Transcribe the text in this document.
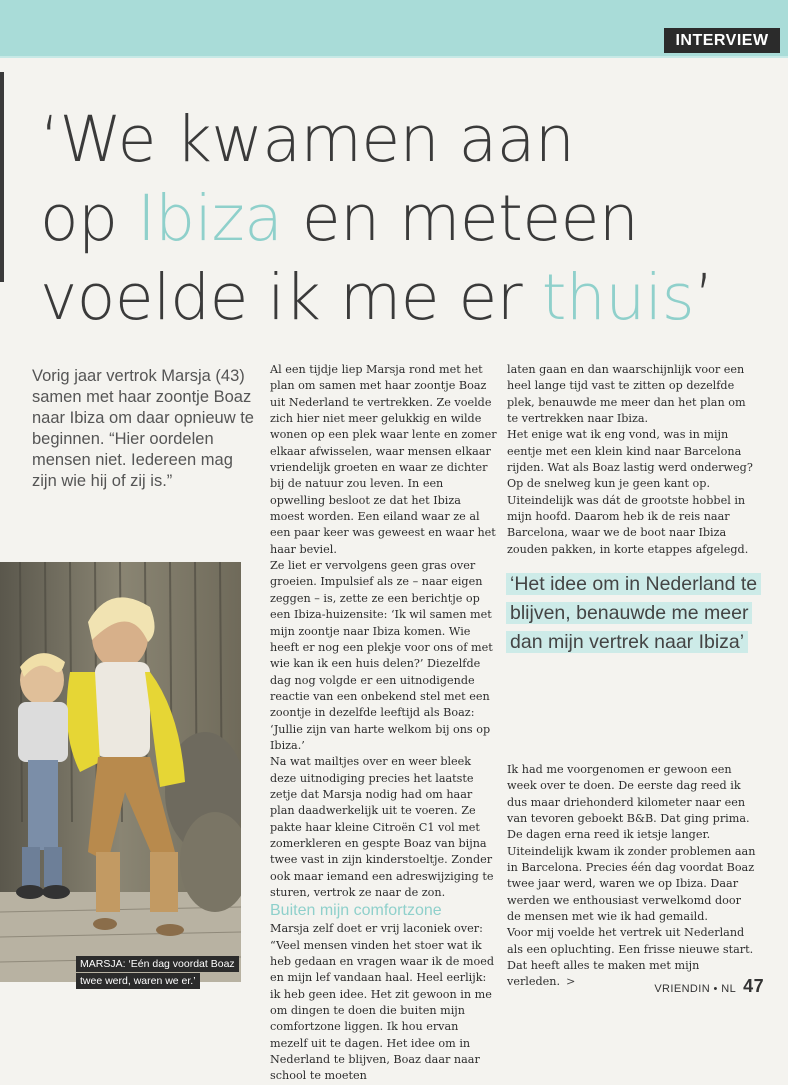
INTERVIEW
‘We kwamen aan
op Ibiza en meteen
voelde ik me er thuis’
Vorig jaar vertrok Marsja (43) samen met haar zoontje Boaz naar Ibiza om daar opnieuw te beginnen. “Hier oordelen mensen niet. Iedereen mag zijn wie hij of zij is.”
MARSJA: ‘Eén dag voordat Boaz
twee werd, waren we er.’

Al een tijdje liep Marsja rond met het plan om samen met haar zoontje Boaz uit Nederland te vertrekken. Ze voelde zich hier niet meer gelukkig en wilde wonen op een plek waar lente en zomer elkaar afwisselen, waar mensen elkaar vriendelijk groeten en waar ze dichter bij de natuur zou leven. In een opwelling besloot ze dat het Ibiza moest worden. Een eiland waar ze al een paar keer was geweest en waar het haar beviel.

Ze liet er vervolgens geen gras over groeien. Impulsief als ze – naar eigen zeggen – is, zette ze een berichtje op een Ibiza-huizensite: ‘Ik wil samen met mijn zoontje naar Ibiza komen. Wie heeft er nog een plekje voor ons of met wie kan ik een huis delen?’ Diezelfde dag nog volgde er een uitnodigende reactie van een onbekend stel met een zoontje in dezelfde leeftijd als Boaz: ‘Jullie zijn van harte welkom bij ons op Ibiza.’

Na wat mailtjes over en weer bleek deze uitnodiging precies het laatste zetje dat Marsja nodig had om haar plan daadwerkelijk uit te voeren. Ze pakte haar kleine Citroën C1 vol met zomerkleren en gespte Boaz van bijna twee vast in zijn kinderstoeltje. Zonder ook maar iemand een adreswijziging te sturen, vertrok ze naar de zon.

Buiten mijn comfortzone

Marsja zelf doet er vrij laconiek over: “Veel mensen vinden het stoer wat ik heb gedaan en vragen waar ik de moed en mijn lef vandaan haal. Heel eerlijk: ik heb geen idee. Het zit gewoon in me om dingen te doen die buiten mijn comfortzone liggen. Ik hou ervan mezelf uit te dagen. Het idee om in Nederland te blijven, Boaz daar naar school te moeten

laten gaan en dan waarschijnlijk voor een heel lange tijd vast te zitten op dezelfde plek, benauwde me meer dan het plan om te vertrekken naar Ibiza.

Het enige wat ik eng vond, was in mijn eentje met een klein kind naar Barcelona rijden. Wat als Boaz lastig werd onderweg? Op de snelweg kun je geen kant op. Uiteindelijk was dát de grootste hobbel in mijn hoofd. Daarom heb ik de reis naar Barcelona, waar we de boot naar Ibiza zouden pakken, in korte etappes afgelegd.

‘Het idee om in Nederland te blijven, benauwde me meer dan mijn vertrek naar Ibiza’

Ik had me voorgenomen er gewoon een week over te doen. De eerste dag reed ik dus maar driehonderd kilometer naar een van tevoren geboekt B&B. Dat ging prima. De dagen erna reed ik ietsje langer. Uiteindelijk kwam ik zonder problemen aan in Barcelona. Precies één dag voordat Boaz twee jaar werd, waren we op Ibiza. Daar werden we enthousiast verwelkomd door de mensen met wie ik had gemaild.

Voor mij voelde het vertrek uit Nederland als een opluchting. Een frisse nieuwe start. Dat heeft alles te maken met mijn verleden. >

VRIENDIN • NL 47
